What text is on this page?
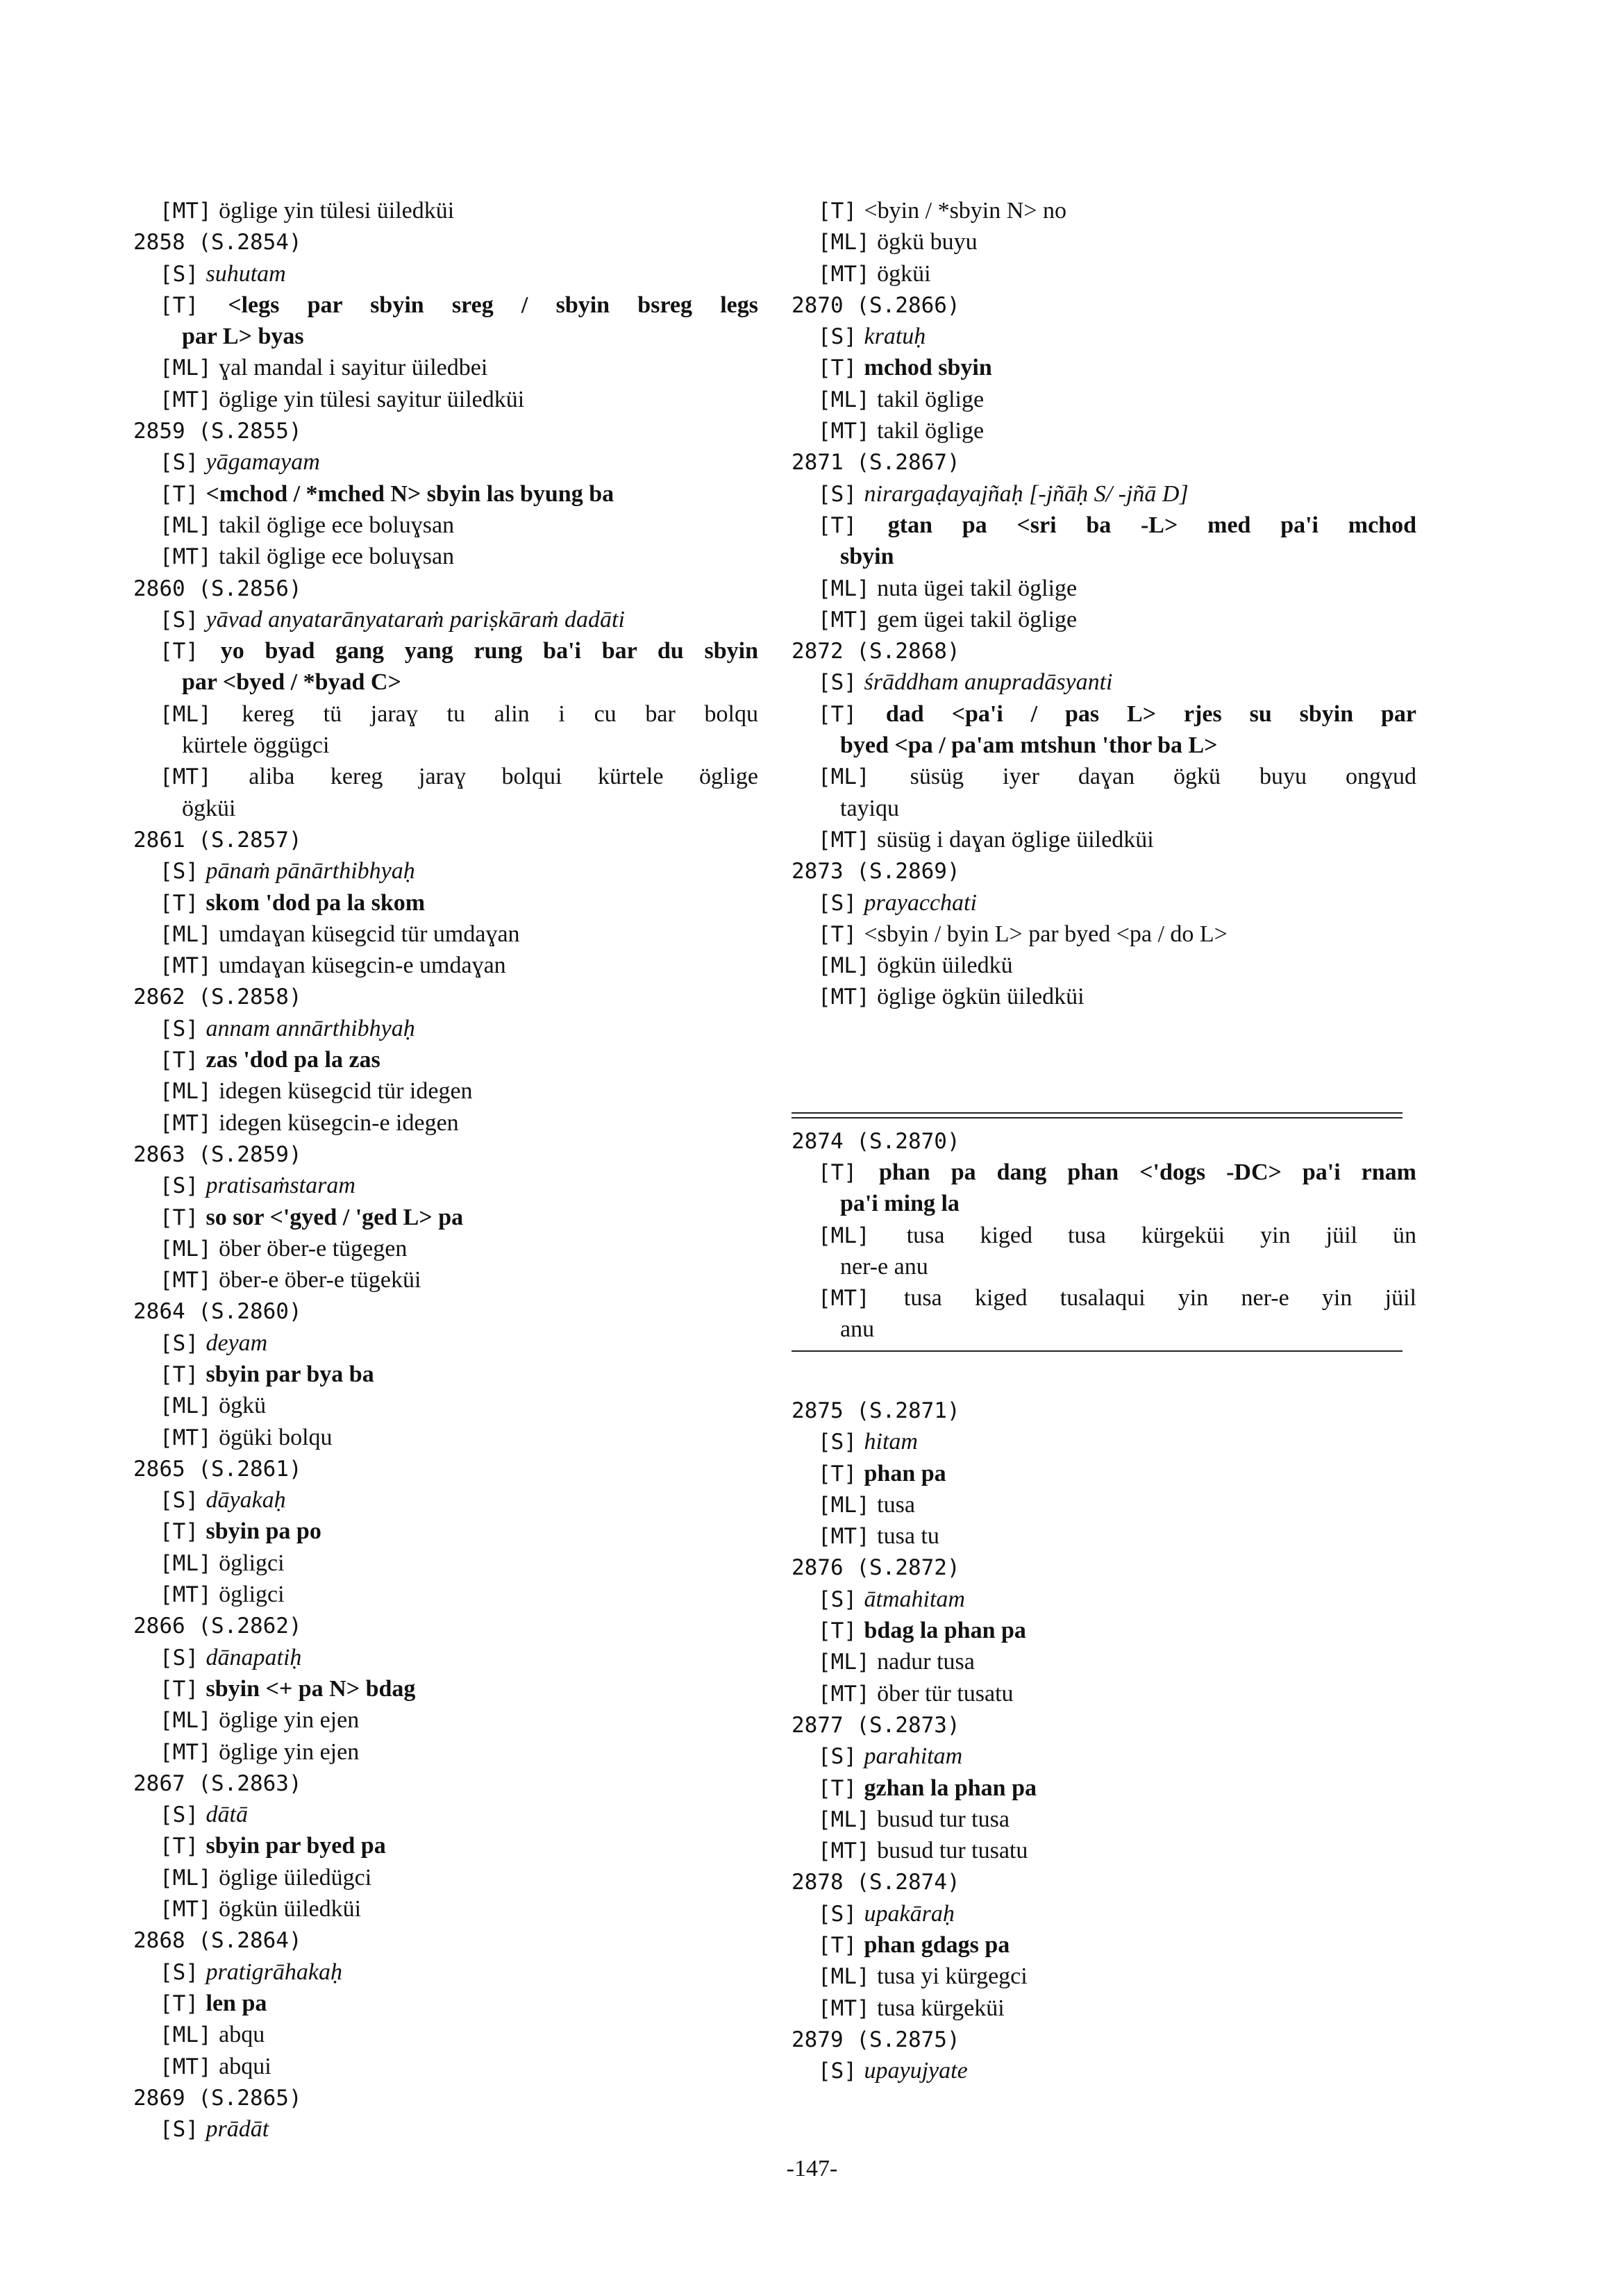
[MT] öglige yin tülesi üiledküi
2858 (S.2854)
[S] suhutam
[T] <legs par sbyin sreg / sbyin bsreg legs
par L> byas
[ML] ɣal mandal i sayitur üiledbei
[MT] öglige yin tülesi sayitur üiledküi
2859 (S.2855)
[S] yāgamayam
[T] <mchod / *mched N> sbyin las byung ba
[ML] takil öglige ece boluɣsan
[MT] takil öglige ece boluɣsan
2860 (S.2856)
[S] yāvad anyatarānyataraṁ pariṣkāraṁ dadāti
[T] yo byad gang yang rung ba'i bar du sbyin
par <byed / *byad C>
[ML] kereg tü jaraɣ tu alin i cu bar bolqu
kürtele öggügci
[MT] aliba kereg jaraɣ bolqui kürtele öglige
ögküi
2861 (S.2857)
[S] pānaṁ pānārthibhyaḥ
[T] skom 'dod pa la skom
[ML] umdaɣan küsegcid tür umdaɣan
[MT] umdaɣan küsegcin-e umdaɣan
2862 (S.2858)
[S] annam annārthibhyaḥ
[T] zas 'dod pa la zas
[ML] idegen küsegcid tür idegen
[MT] idegen küsegcin-e idegen
2863 (S.2859)
[S] pratisaṁstaram
[T] so sor <'gyed / 'ged L> pa
[ML] öber öber-e tügegen
[MT] öber-e öber-e tügeküi
2864 (S.2860)
[S] deyam
[T] sbyin par bya ba
[ML] ögkü
[MT] ögüki bolqu
2865 (S.2861)
[S] dāyakaḥ
[T] sbyin pa po
[ML] ögligci
[MT] ögligci
2866 (S.2862)
[S] dānapatiḥ
[T] sbyin <+ pa N> bdag
[ML] öglige yin ejen
[MT] öglige yin ejen
2867 (S.2863)
[S] dātā
[T] sbyin par byed pa
[ML] öglige üiledügci
[MT] ögkün üiledküi
2868 (S.2864)
[S] pratigrāhakaḥ
[T] len pa
[ML] abqu
[MT] abqui
2869 (S.2865)
[S] prādāt
[T] <byin / *sbyin N> no
[ML] ögkü buyu
[MT] ögküi
2870 (S.2866)
[S] kratuḥ
[T] mchod sbyin
[ML] takil öglige
[MT] takil öglige
2871 (S.2867)
[S] nirargaḍayajñaḥ [-jñāḥ S/ -jñā D]
[T] gtan pa <sri ba -L> med pa'i mchod
sbyin
[ML] nuta ügei takil öglige
[MT] gem ügei takil öglige
2872 (S.2868)
[S] śrāddham anupradāsyanti
[T] dad <pa'i / pas L> rjes su sbyin par
byed <pa / pa'am mtshun 'thor ba L>
[ML] süsüg iyer daɣan ögkü buyu ongɣud
tayiqu
[MT] süsüg i daɣan öglige üiledküi
2873 (S.2869)
[S] prayacchati
[T] <sbyin / byin L> par byed <pa / do L>
[ML] ögkün üiledkü
[MT] öglige ögkün üiledküi
2874 (S.2870)
[T] phan pa dang phan <'dogs -DC> pa'i rnam
pa'i ming la
[ML] tusa kiged tusa kürgeküi yin jüil ün
ner-e anu
[MT] tusa kiged tusalaqui yin ner-e yin jüil
anu
2875 (S.2871)
[S] hitam
[T] phan pa
[ML] tusa
[MT] tusa tu
2876 (S.2872)
[S] ātmahitam
[T] bdag la phan pa
[ML] nadur tusa
[MT] öber tür tusatu
2877 (S.2873)
[S] parahitam
[T] gzhan la phan pa
[ML] busud tur tusa
[MT] busud tur tusatu
2878 (S.2874)
[S] upakāraḥ
[T] phan gdags pa
[ML] tusa yi kürgegci
[MT] tusa kürgeküi
2879 (S.2875)
[S] upayujyate
-147-
